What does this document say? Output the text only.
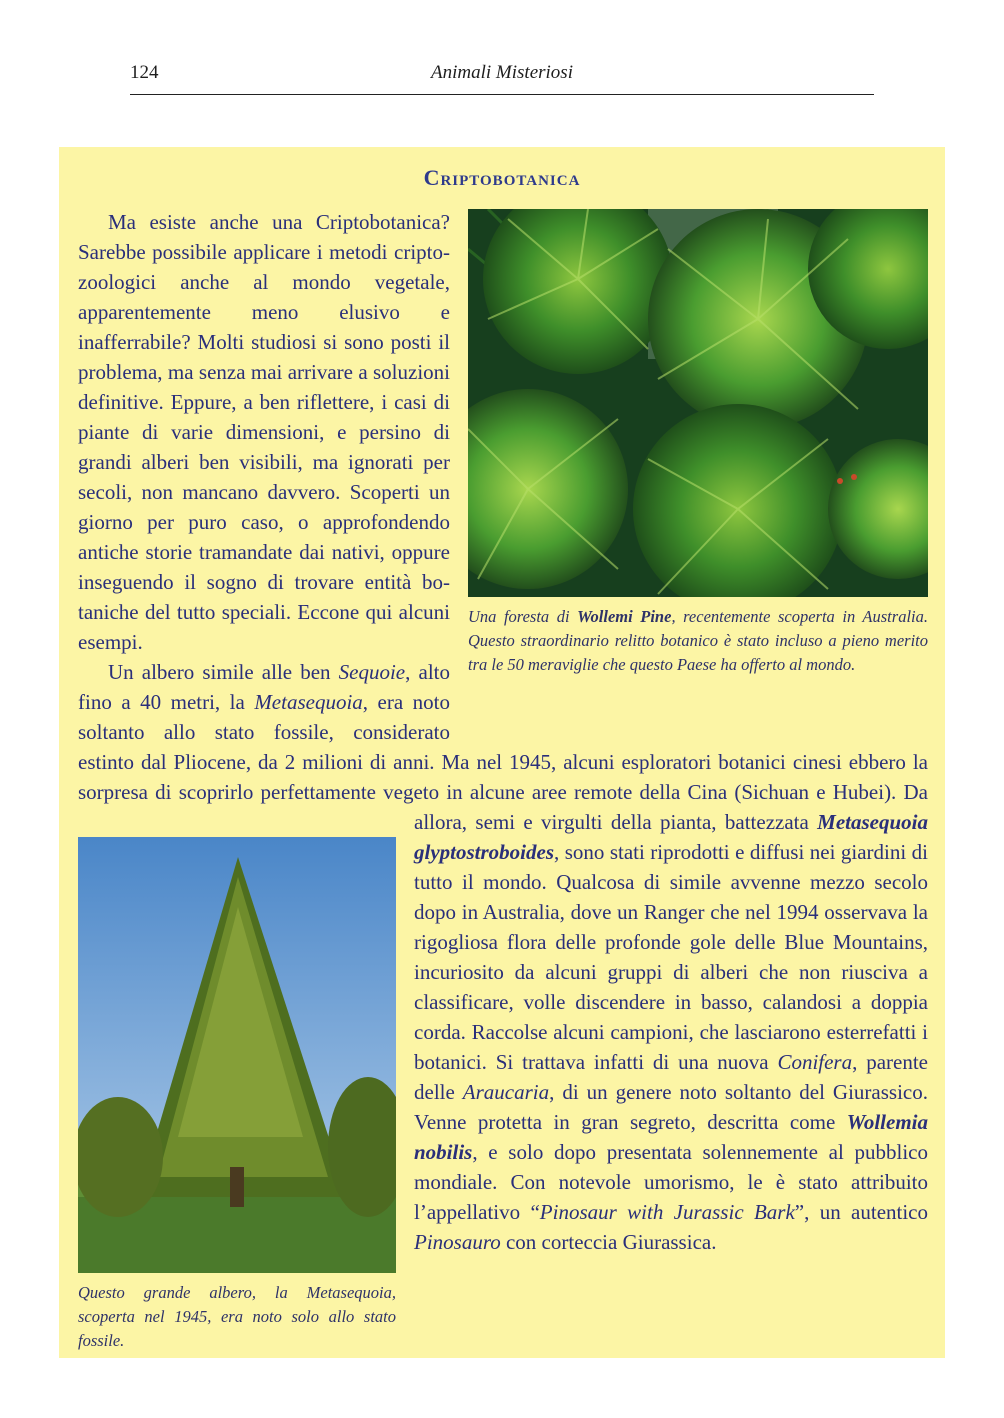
124	Animali Misteriosi
Criptobotanica
Una foresta di Wollemi Pine, recentemente scoperta in Australia. Questo straordinario relitto botanico è stato incluso a pieno merito tra le 50 meraviglie che questo Paese ha offerto al mondo.

Ma esiste anche una Criptobotanica? Sarebbe possibile applicare i metodi cripto- zoologici anche al mondo vegetale, apparentemente meno elusivo e inafferrabile? Molti studiosi si sono posti il problema, ma senza mai arrivare a soluzioni definitive. Eppure, a ben riflettere, i casi di piante di varie dimensioni, e persino di grandi alberi ben visibili, ma ignorati per secoli, non mancano davvero. Scoperti un giorno per puro caso, o approfondendo antiche storie tramandate dai nativi, oppure inseguendo il sogno di trovare entità botaniche del tutto speciali. Eccone qui alcuni esempi.

Un albero simile alle ben Sequoie, alto fino a 40 metri, la Metasequoia, era noto soltanto allo stato fossile, considerato estinto dal Pliocene, da 2 milioni di anni. Ma nel 1945, alcuni esploratori botanici cinesi ebbero la sorpresa di scoprirlo perfettamente vegeto in alcune aree remote della Cina (Sichuan e Hubei). Da allora, semi e virgulti della pianta, battezzata
Questo grande albero, la Metasequoia, scoperta nel 1945, era noto solo allo stato fossile.
Metasequoia glyptostroboides, sono stati riprodotti e diffusi nei giardini di tutto il mondo. Qualcosa di simile avvenne mezzo secolo dopo in Australia, dove un Ranger che nel 1994 osservava la rigogliosa flora delle profonde gole delle Blue Mountains, incuriosito da alcuni gruppi di alberi che non riusciva a classificare, volle discendere in basso, calandosi a doppia corda. Raccolse alcuni campioni, che lasciarono esterrefatti i botanici. Si trattava infatti di una nuova Conifera, parente delle Araucaria, di un genere noto soltanto del Giurassico. Venne protetta in gran segreto, descritta come Wollemia nobilis, e solo dopo presentata solennemente al pubblico mondiale. Con notevole umorismo, le è stato attribuito l’appellativo “Pinosaur with Jurassic Bark”, un autentico Pinosauro con corteccia Giurassica.
